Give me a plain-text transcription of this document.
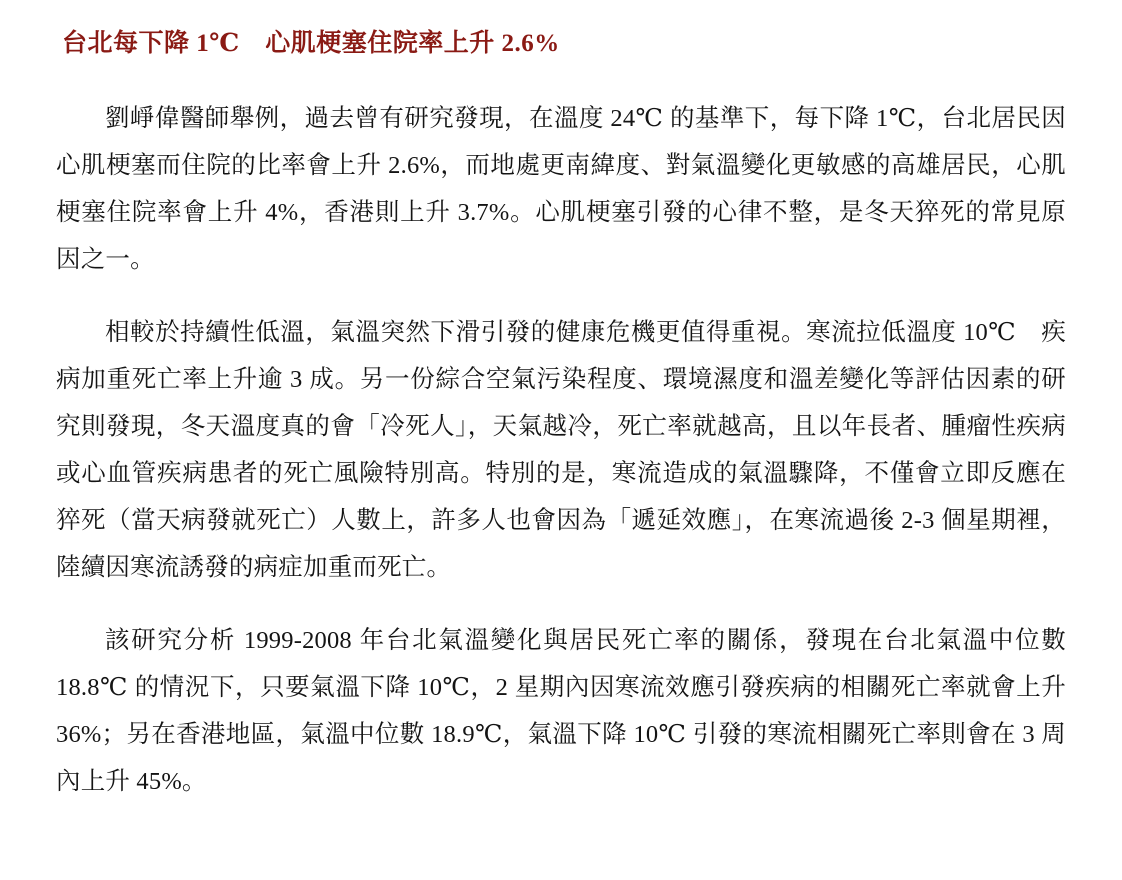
台北每下降 1℃　心肌梗塞住院率上升 2.6%

劉崢偉醫師舉例，過去曾有研究發現，在溫度 24℃ 的基準下，每下降 1℃，台北居民因心肌梗塞而住院的比率會上升 2.6%，而地處更南緯度、對氣溫變化更敏感的高雄居民，心肌梗塞住院率會上升 4%，香港則上升 3.7%。心肌梗塞引發的心律不整，是冬天猝死的常見原因之一。

相較於持續性低溫，氣溫突然下滑引發的健康危機更值得重視。寒流拉低溫度 10℃　疾病加重死亡率上升逾 3 成。另一份綜合空氣污染程度、環境濕度和溫差變化等評估因素的研究則發現，冬天溫度真的會「冷死人」，天氣越冷，死亡率就越高，且以年長者、腫瘤性疾病或心血管疾病患者的死亡風險特別高。特別的是，寒流造成的氣溫驟降，不僅會立即反應在猝死（當天病發就死亡）人數上，許多人也會因為「遞延效應」，在寒流過後 2-3 個星期裡，陸續因寒流誘發的病症加重而死亡。

該研究分析 1999-2008 年台北氣溫變化與居民死亡率的關係，發現在台北氣溫中位數 18.8℃ 的情況下，只要氣溫下降 10℃，2 星期內因寒流效應引發疾病的相關死亡率就會上升 36%；另在香港地區，氣溫中位數 18.9℃，氣溫下降 10℃ 引發的寒流相關死亡率則會在 3 周內上升 45%。
